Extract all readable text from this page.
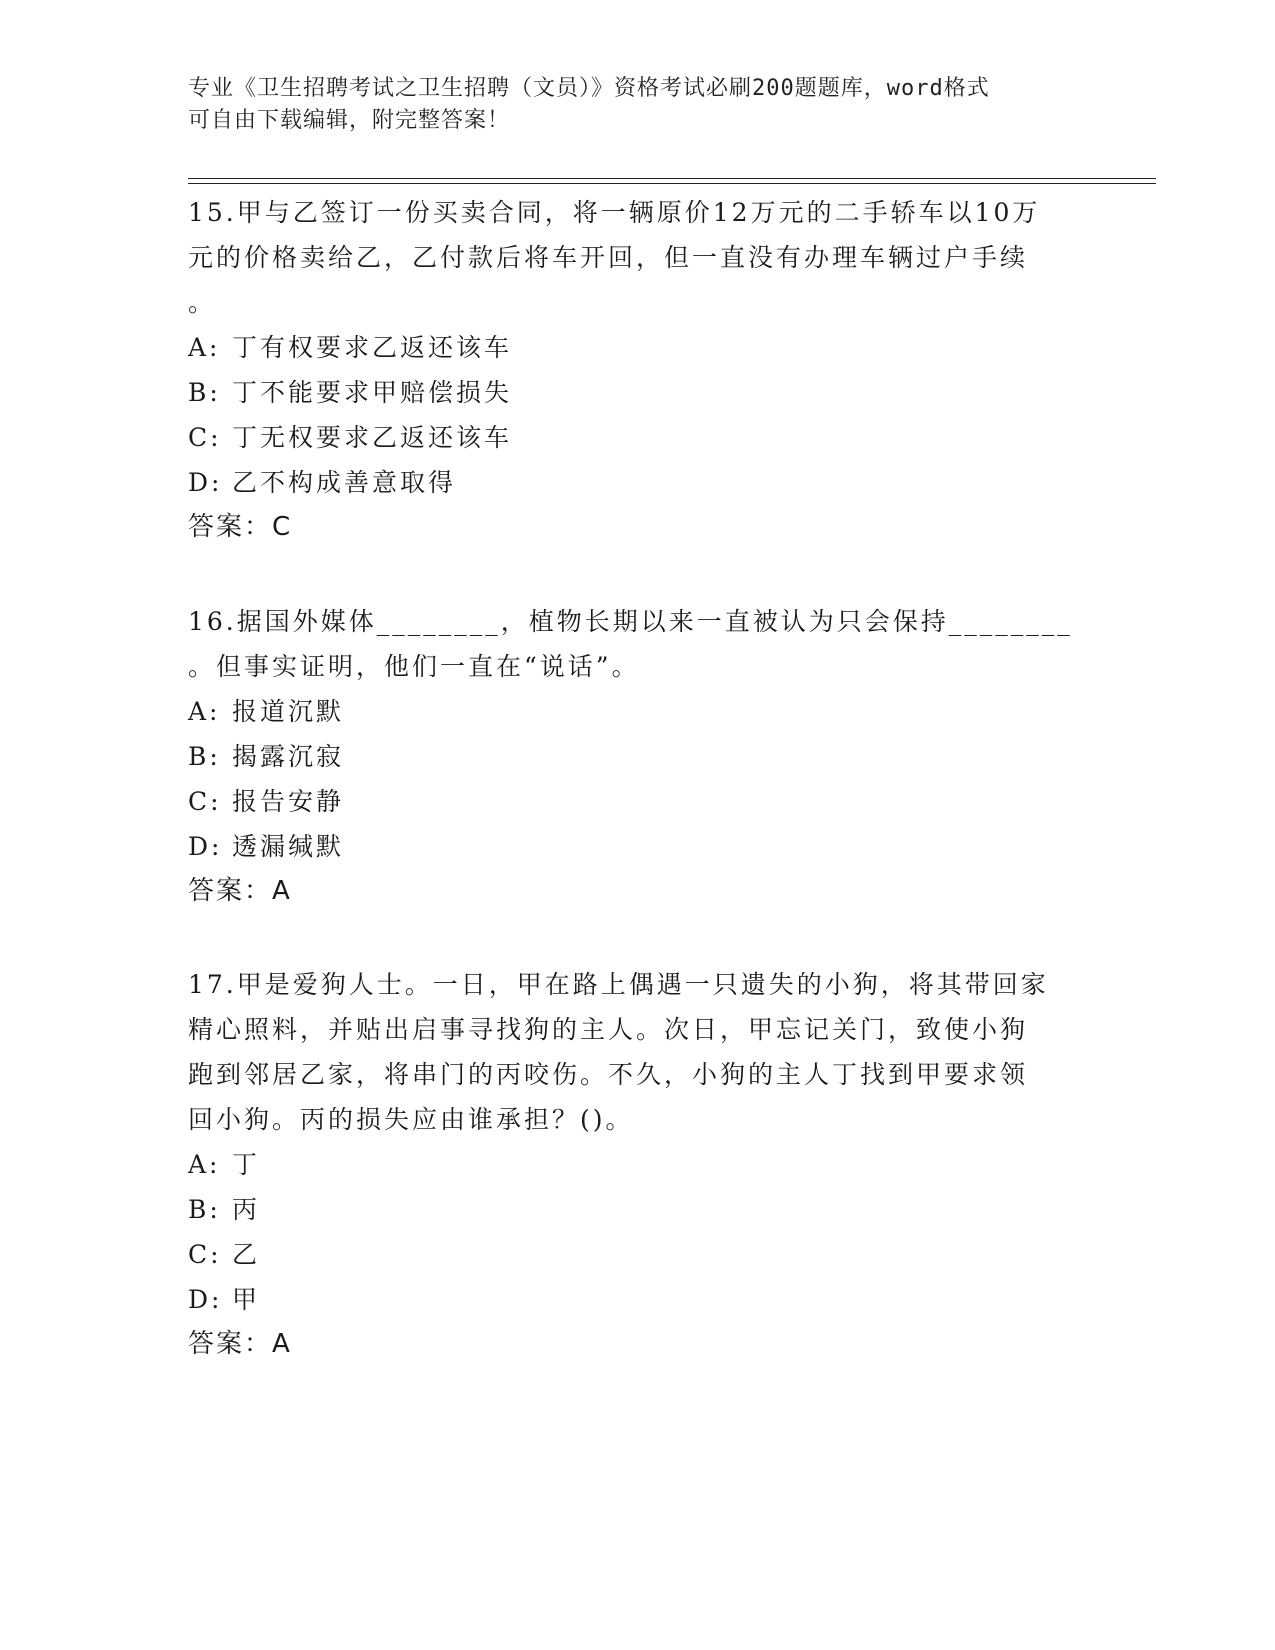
专业《卫生招聘考试之卫生招聘（文员）》资格考试必刷200题题库，word格式
可自由下载编辑，附完整答案！

15.甲与乙签订一份买卖合同，将一辆原价12万元的二手轿车以10万
元的价格卖给乙，乙付款后将车开回，但一直没有办理车辆过户手续
。

A: 丁有权要求乙返还该车
B: 丁不能要求甲赔偿损失
C: 丁无权要求乙返还该车
D: 乙不构成善意取得
答案：C

16.据国外媒体________，植物长期以来一直被认为只会保持________
。但事实证明，他们一直在“说话”。

A: 报道沉默
B: 揭露沉寂
C: 报告安静
D: 透漏缄默
答案：A

17.甲是爱狗人士。一日，甲在路上偶遇一只遗失的小狗，将其带回家
精心照料，并贴出启事寻找狗的主人。次日，甲忘记关门，致使小狗
跑到邻居乙家，将串门的丙咬伤。不久，小狗的主人丁找到甲要求领
回小狗。丙的损失应由谁承担？()。

A: 丁
B: 丙
C: 乙
D: 甲
答案：A
